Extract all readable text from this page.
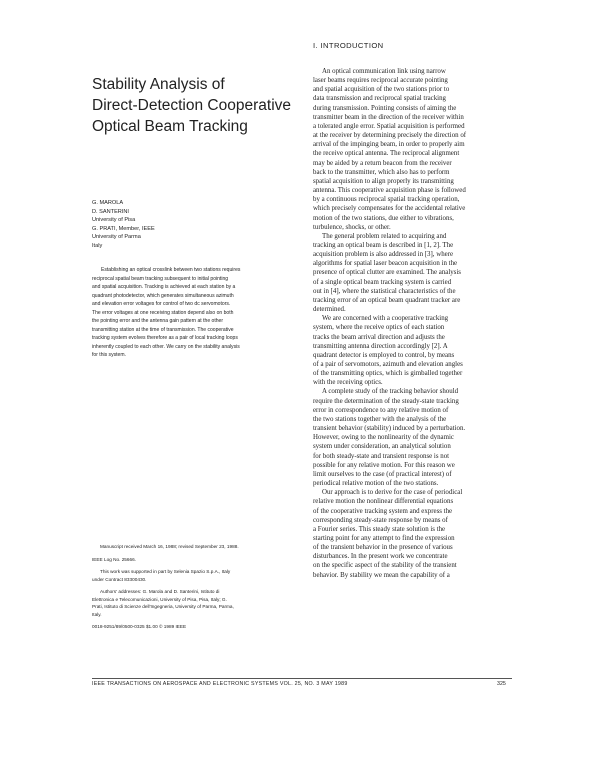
Stability Analysis of
Direct-Detection Cooperative
Optical Beam Tracking
G. MAROLA
D. SANTERINI
University of Pisa
G. PRATI, Member, IEEE
University of Parma
Italy
Establishing an optical crosslink between two stations requires
reciprocal spatial beam tracking subsequent to initial pointing
and spatial acquisition. Tracking is achieved at each station by a
quadrant photodetector, which generates simultaneous azimuth
and elevation error voltages for control of two dc servomotors.
The error voltages at one receiving station depend also on both
the pointing error and the antenna gain pattern at the other
transmitting station at the time of transmission. The cooperative
tracking system evolves therefore as a pair of local tracking loops
inherently coupled to each other. We carry on the stability analysis
for this system.
Manuscript received March 16, 1988; revised September 23, 1988.
IEEE Log No. 25666.
This work was supported in part by Selenia Spazio S.p.A., Italy
under Contract 83300430.
Authors' addresses: G. Marola and D. Santerini, Istituto di
Elettronica e Telecomunicazioni, University of Pisa, Pisa, Italy; G.
Prati, Istituto di Scienze dell'Ingegneria, University of Parma, Parma,
Italy.
0018-9251/89/0500-0325 $1.00 © 1989 IEEE
I. INTRODUCTION
An optical communication link using narrow
laser beams requires reciprocal accurate pointing
and spatial acquisition of the two stations prior to
data transmission and reciprocal spatial tracking
during transmission. Pointing consists of aiming the
transmitter beam in the direction of the receiver within
a tolerated angle error. Spatial acquisition is performed
at the receiver by determining precisely the direction of
arrival of the impinging beam, in order to properly aim
the receive optical antenna. The reciprocal alignment
may be aided by a return beacon from the receiver
back to the transmitter, which also has to perform
spatial acquisition to align properly its transmitting
antenna. This cooperative acquisition phase is followed
by a continuous reciprocal spatial tracking operation,
which precisely compensates for the accidental relative
motion of the two stations, due either to vibrations,
turbulence, shocks, or other.
The general problem related to acquiring and
tracking an optical beam is described in [1, 2]. The
acquisition problem is also addressed in [3], where
algorithms for spatial laser beacon acquisition in the
presence of optical clutter are examined. The analysis
of a single optical beam tracking system is carried
out in [4], where the statistical characteristics of the
tracking error of an optical beam quadrant tracker are
determined.
We are concerned with a cooperative tracking
system, where the receive optics of each station
tracks the beam arrival direction and adjusts the
transmitting antenna direction accordingly [2]. A
quadrant detector is employed to control, by means
of a pair of servomotors, azimuth and elevation angles
of the transmitting optics, which is gimballed together
with the receiving optics.
A complete study of the tracking behavior should
require the determination of the steady-state tracking
error in correspondence to any relative motion of
the two stations together with the analysis of the
transient behavior (stability) induced by a perturbation.
However, owing to the nonlinearity of the dynamic
system under consideration, an analytical solution
for both steady-state and transient response is not
possible for any relative motion. For this reason we
limit ourselves to the case (of practical interest) of
periodical relative motion of the two stations.
Our approach is to derive for the case of periodical
relative motion the nonlinear differential equations
of the cooperative tracking system and express the
corresponding steady-state response by means of
a Fourier series. This steady state solution is the
starting point for any attempt to find the expression
of the transient behavior in the presence of various
disturbances. In the present work we concentrate
on the specific aspect of the stability of the transient
behavior. By stability we mean the capability of a
IEEE TRANSACTIONS ON AEROSPACE AND ELECTRONIC SYSTEMS VOL. 25, NO. 3 MAY 1989	325
